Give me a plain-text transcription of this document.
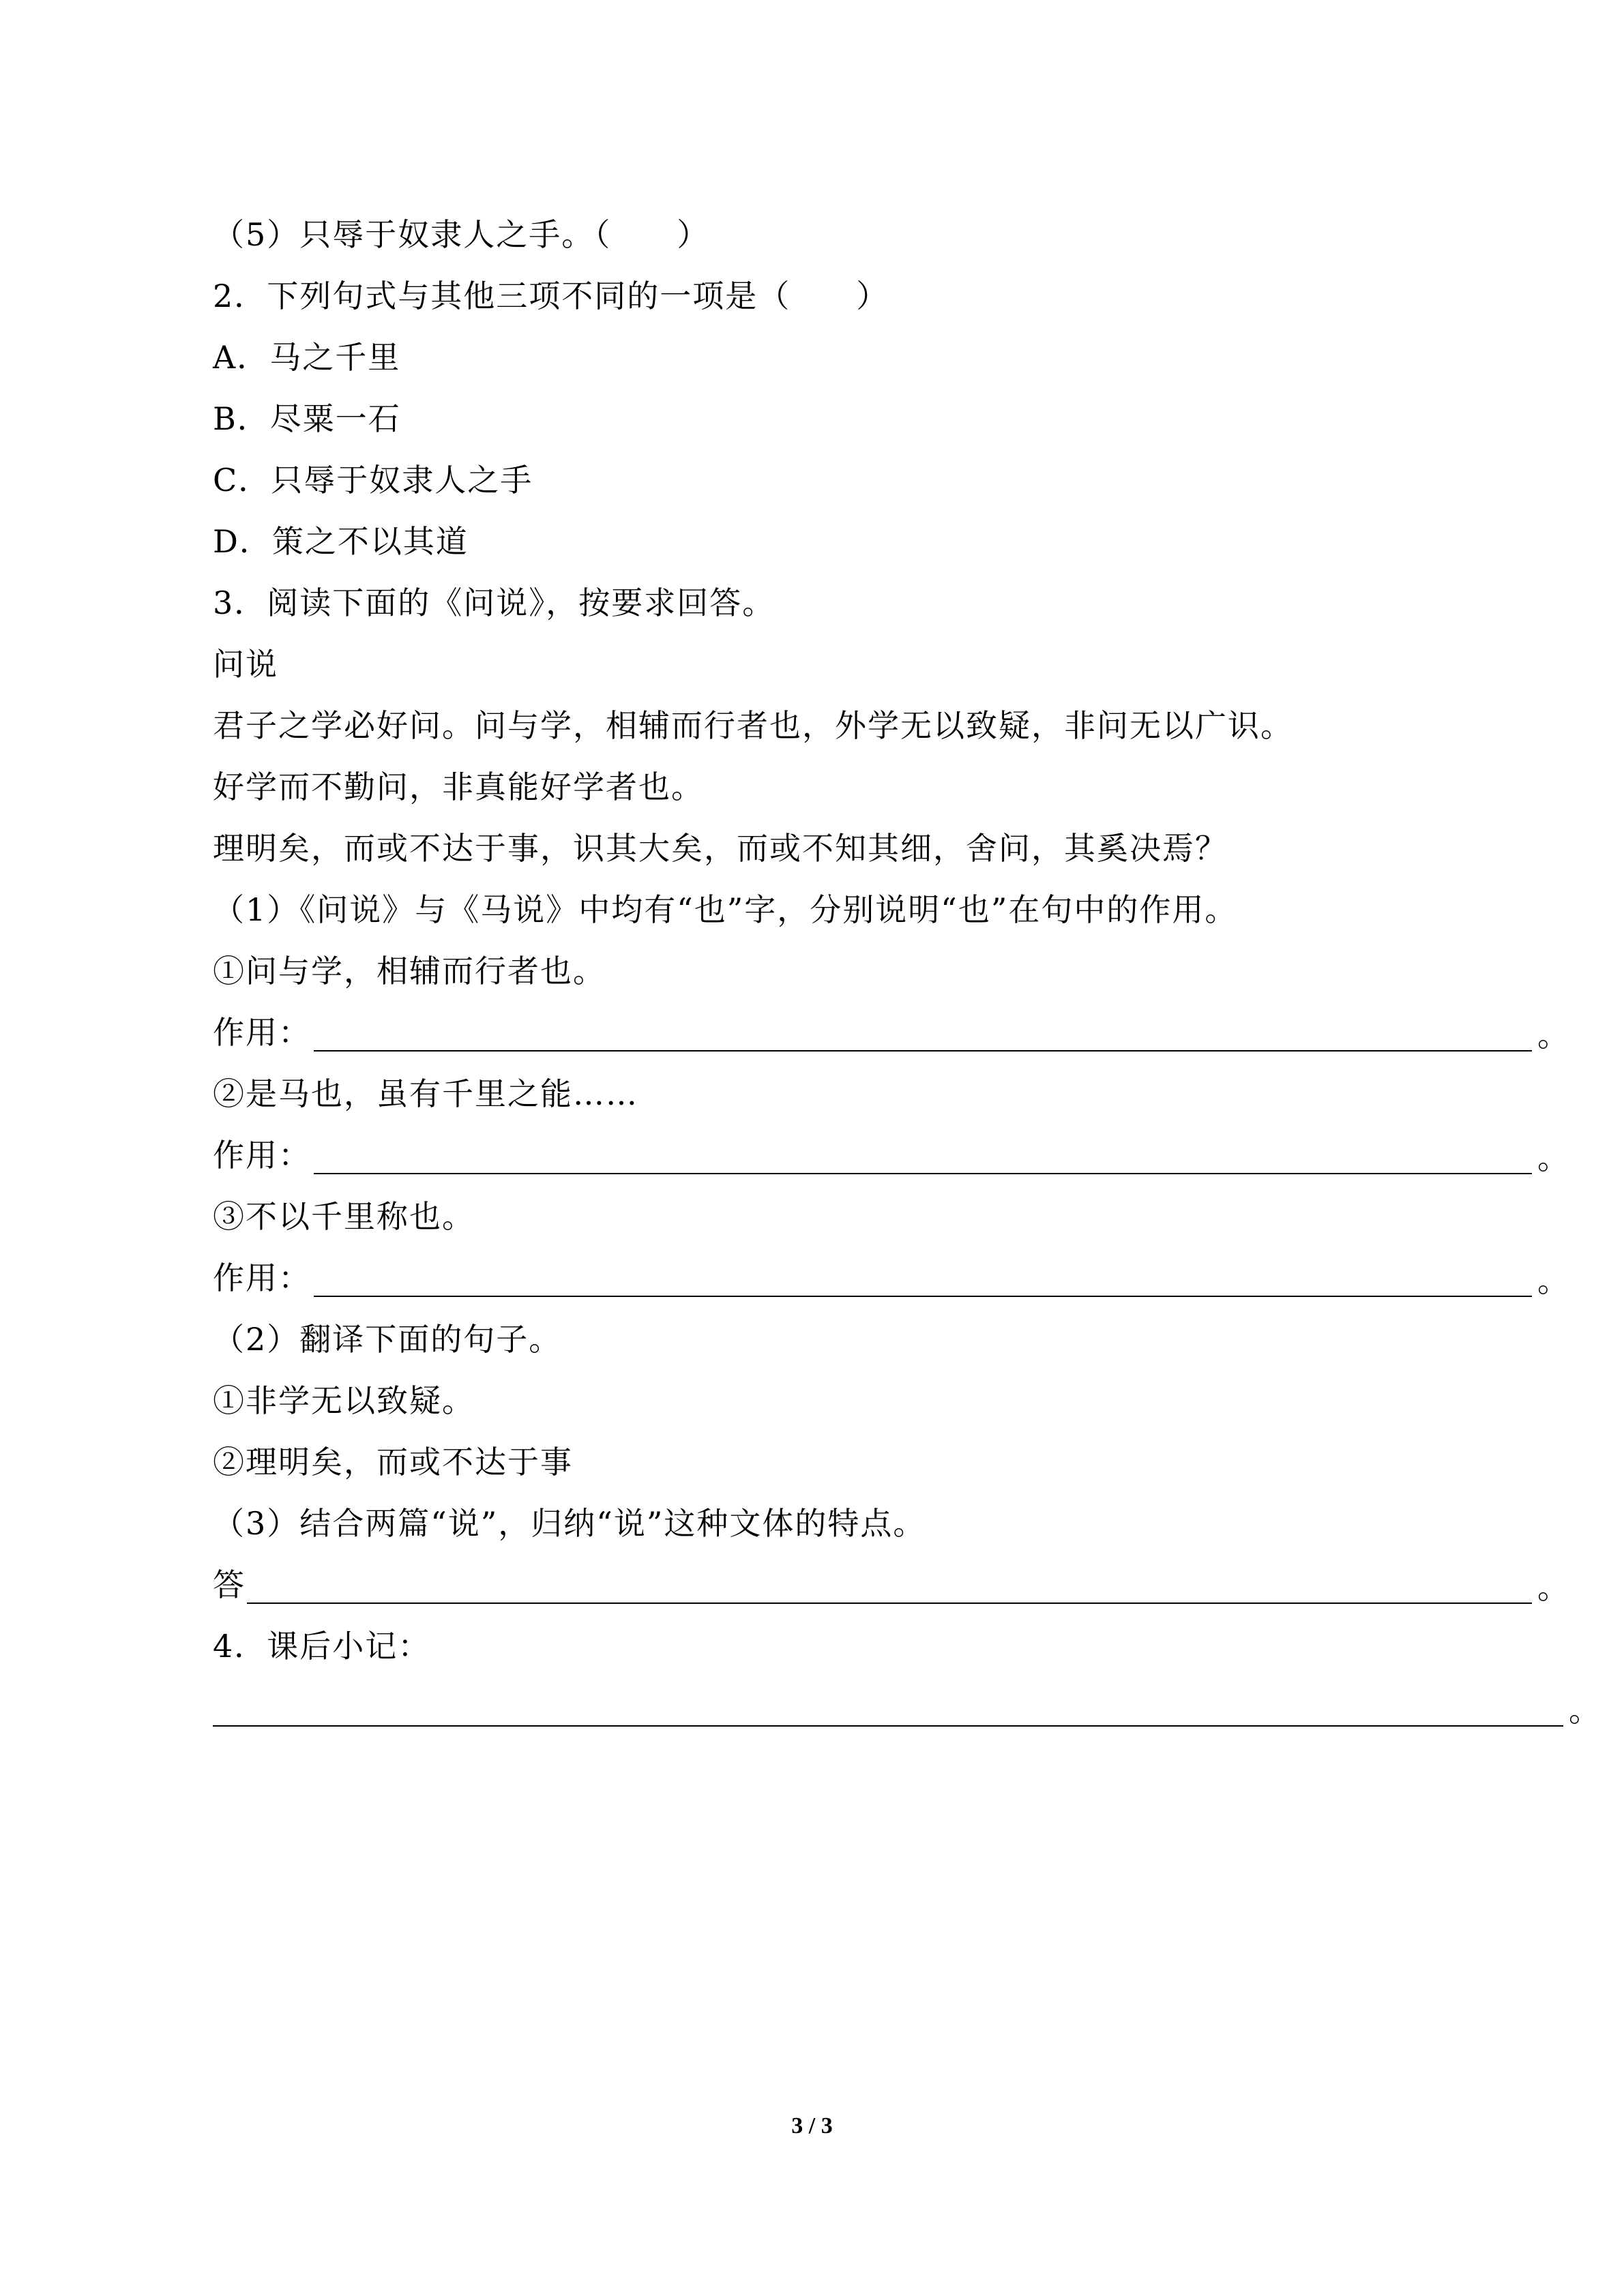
（5）只辱于奴隶人之手。（　　）
2．下列句式与其他三项不同的一项是（　　）
A．马之千里
B．尽粟一石
C．只辱于奴隶人之手
D．策之不以其道
3．阅读下面的《问说》，按要求回答。
问说
君子之学必好问。问与学，相辅而行者也，外学无以致疑，非问无以广识。
好学而不勤问，非真能好学者也。
理明矣，而或不达于事，识其大矣，而或不知其细，舍问，其奚决焉？
（1）《问说》与《马说》中均有“也”字，分别说明“也”在句中的作用。
①问与学，相辅而行者也。
作用：	。
②是马也，虽有千里之能……
作用：	。
③不以千里称也。
作用：	。
（2）翻译下面的句子。
①非学无以致疑。
②理明矣，而或不达于事
（3）结合两篇“说”，归纳“说”这种文体的特点。
答	。
4．课后小记：
。
3 / 3
